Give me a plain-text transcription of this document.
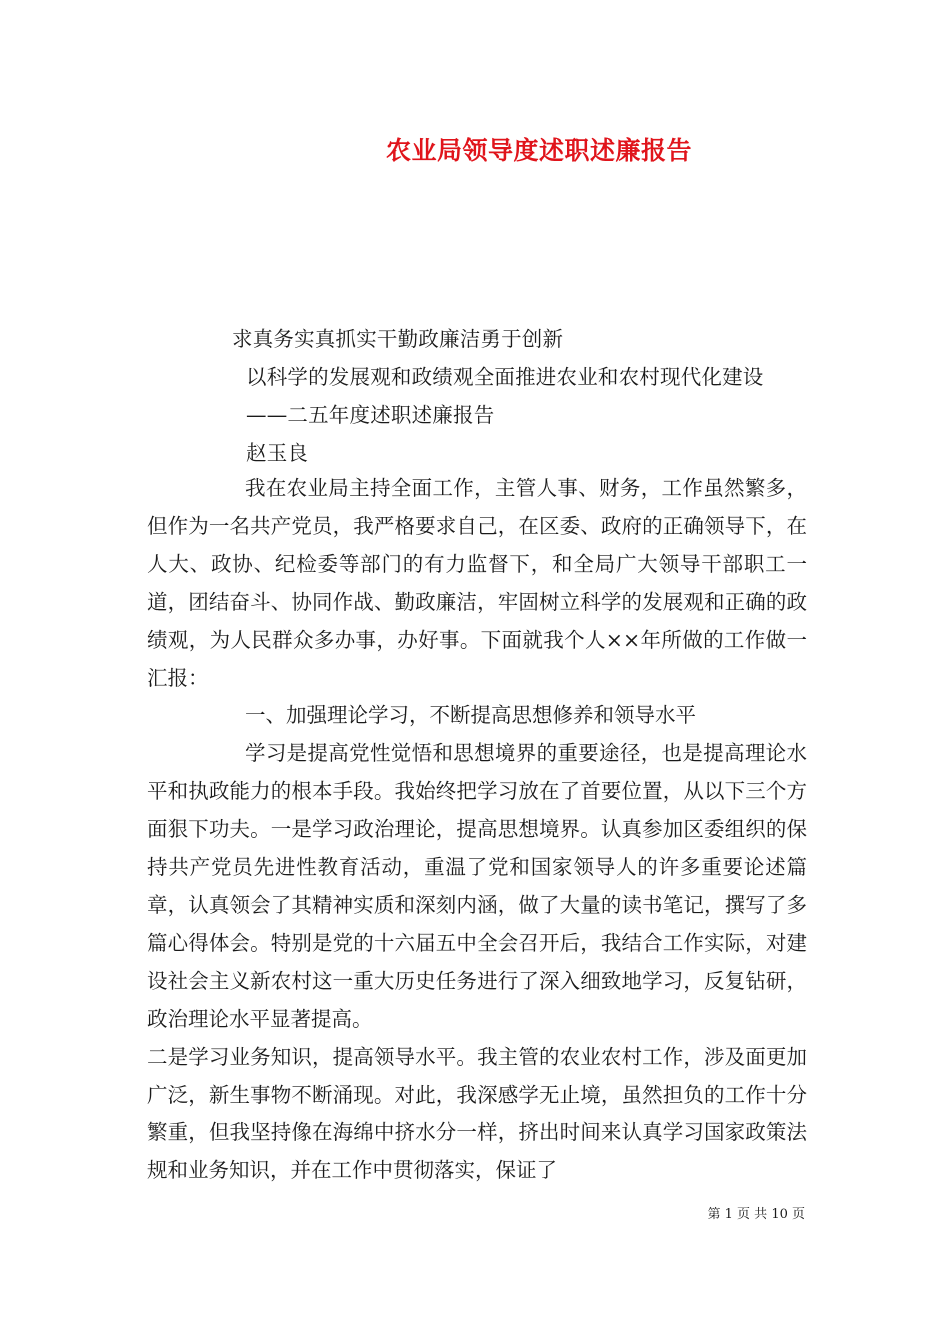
农业局领导度述职述廉报告
求真务实真抓实干勤政廉洁勇于创新
以科学的发展观和政绩观全面推进农业和农村现代化建设
——二五年度述职述廉报告
赵玉良

我在农业局主持全面工作，主管人事、财务，工作虽然繁多，但作为一名共产党员，我严格要求自己，在区委、政府的正确领导下，在人大、政协、纪检委等部门的有力监督下，和全局广大领导干部职工一道，团结奋斗、协同作战、勤政廉洁，牢固树立科学的发展观和正确的政绩观，为人民群众多办事，办好事。下面就我个人××年所做的工作做一汇报：

一、加强理论学习，不断提高思想修养和领导水平

学习是提高党性觉悟和思想境界的重要途径，也是提高理论水平和执政能力的根本手段。我始终把学习放在了首要位置，从以下三个方面狠下功夫。一是学习政治理论，提高思想境界。认真参加区委组织的保持共产党员先进性教育活动，重温了党和国家领导人的许多重要论述篇章，认真领会了其精神实质和深刻内涵，做了大量的读书笔记，撰写了多篇心得体会。特别是党的十六届五中全会召开后，我结合工作实际，对建设社会主义新农村这一重大历史任务进行了深入细致地学习，反复钻研，政治理论水平显著提高。

二是学习业务知识，提高领导水平。我主管的农业农村工作，涉及面更加广泛，新生事物不断涌现。对此，我深感学无止境，虽然担负的工作十分繁重，但我坚持像在海绵中挤水分一样，挤出时间来认真学习国家政策法规和业务知识，并在工作中贯彻落实，保证了

第 1 页 共 10 页
